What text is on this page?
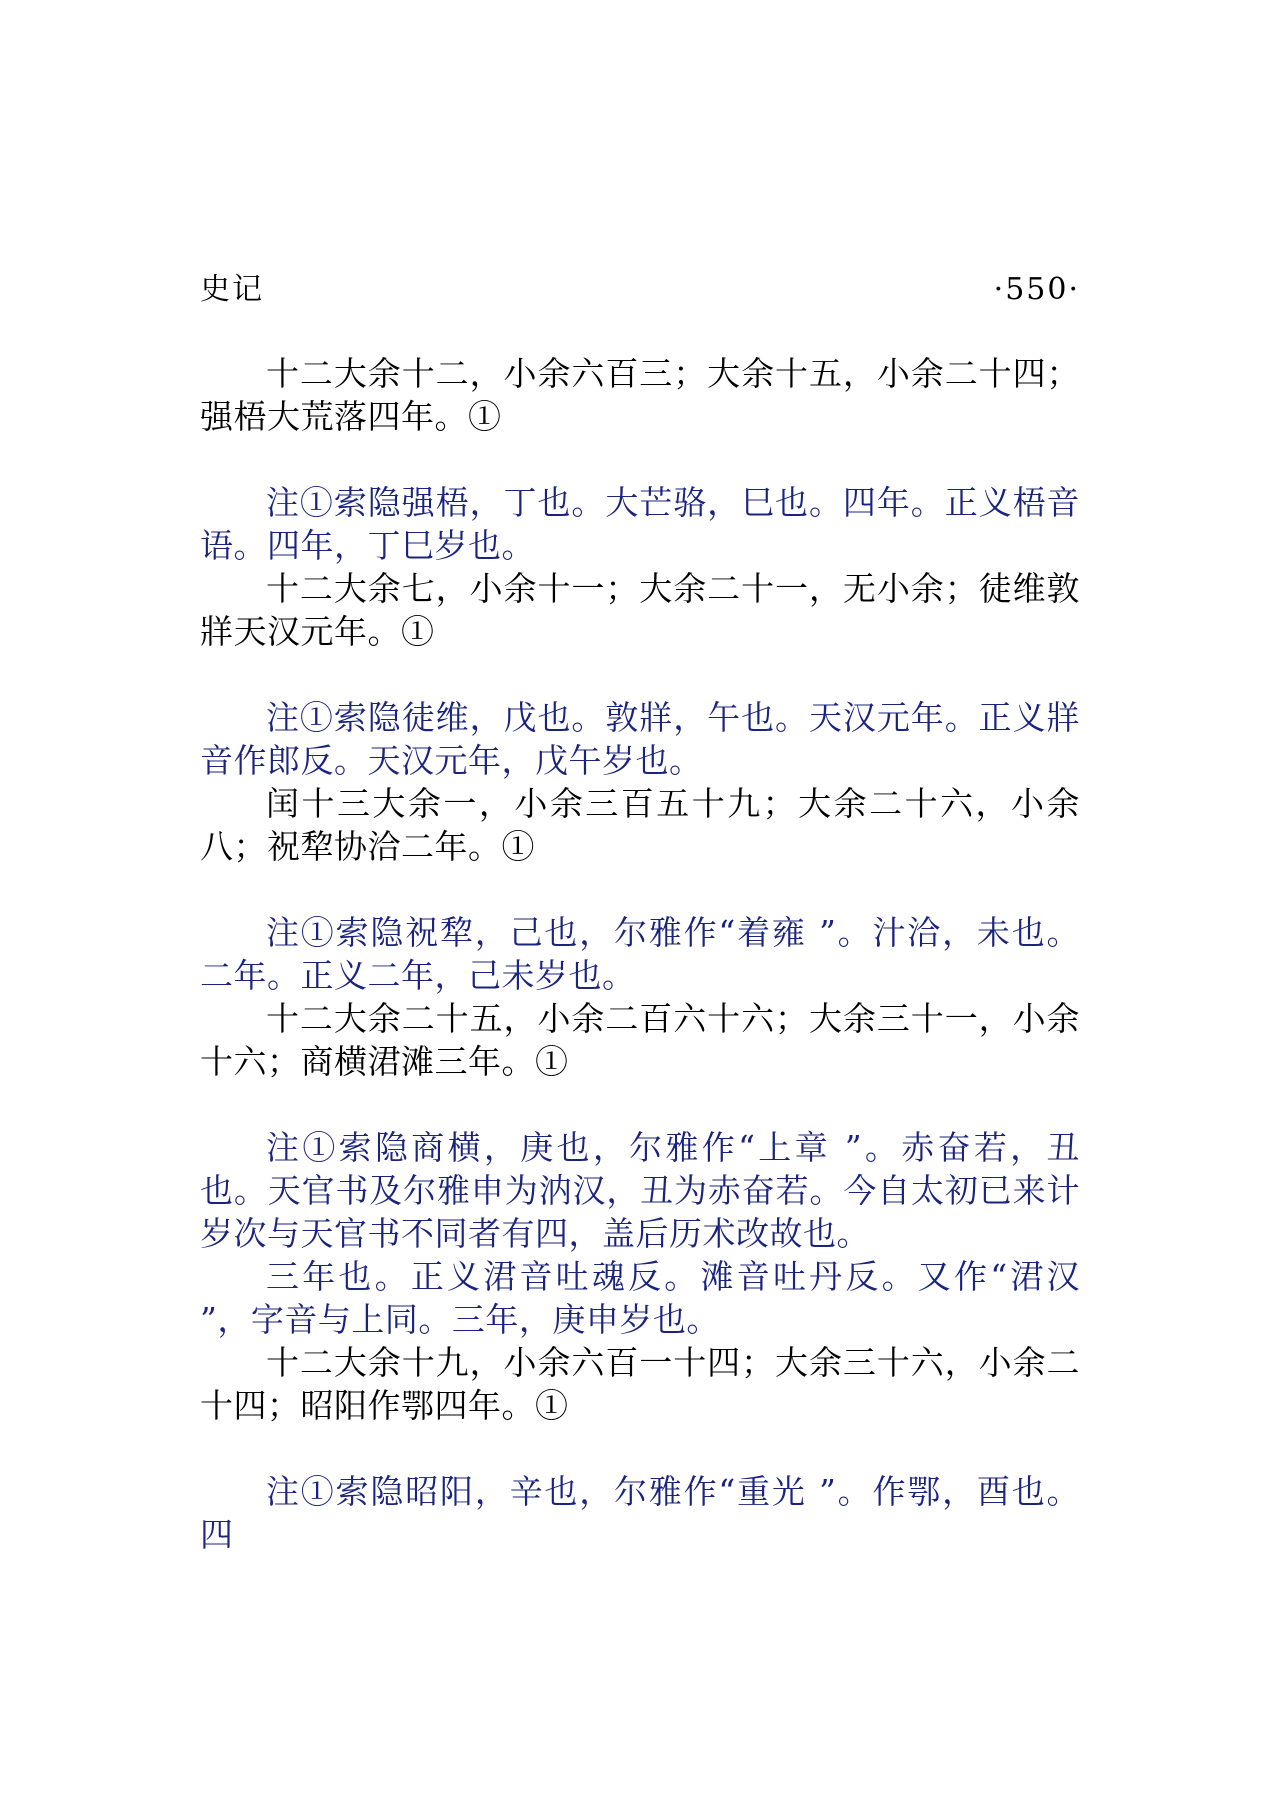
史记	·550·

十二大余十二，小余六百三；大余十五，小余二十四；强梧大荒落四年。①

注①索隐强梧，丁也。大芒骆，巳也。四年。正义梧音语。四年，丁巳岁也。

十二大余七，小余十一；大余二十一，无小余；徒维敦牂天汉元年。①

注①索隐徒维，戊也。敦牂，午也。天汉元年。正义牂音作郎反。天汉元年，戊午岁也。

闰十三大余一，小余三百五十九；大余二十六，小余八；祝犂协洽二年。①

注①索隐祝犂，己也，尔雅作“着雍 ”。汁洽，未也。二年。正义二年，己未岁也。

十二大余二十五，小余二百六十六；大余三十一，小余十六；商横涒滩三年。①

注①索隐商横，庚也，尔雅作“上章 ”。赤奋若，丑也。天官书及尔雅申为汭汉，丑为赤奋若。今自太初已来计岁次与天官书不同者有四，盖后历术改故也。

三年也。正义涒音吐魂反。滩音吐丹反。又作“涒汉 ”，字音与上同。三年，庚申岁也。

十二大余十九，小余六百一十四；大余三十六，小余二十四；昭阳作鄂四年。①

注①索隐昭阳，辛也，尔雅作“重光 ”。作鄂，酉也。四
